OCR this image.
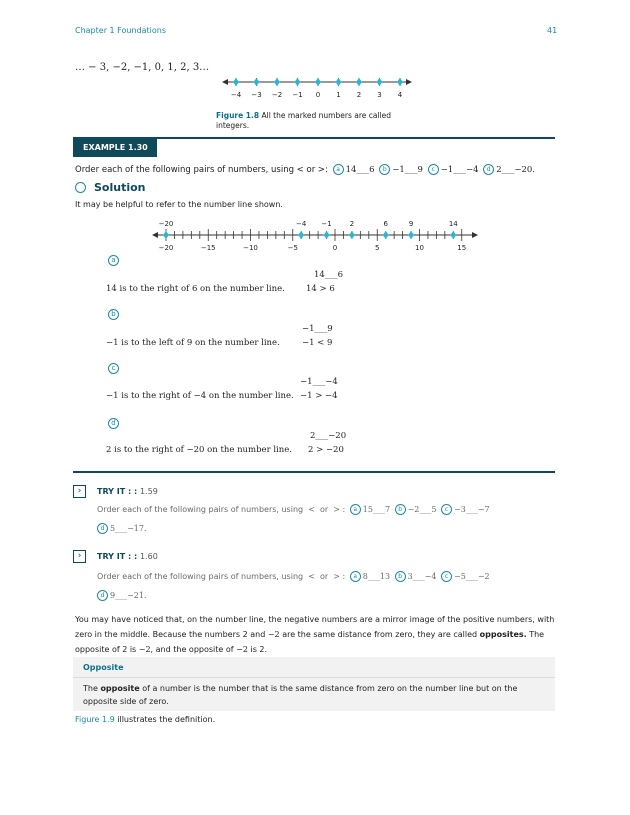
Chapter 1 Foundations	41
… − 3, −2, −1, 0, 1, 2, 3…
−4 −3 −2 −1 0 1 2 3 4
Figure 1.8 All the marked numbers are called integers.
EXAMPLE 1.30
Order each of the following pairs of numbers, using < or >: a 14___6 b −1___9 c −1___−4 d 2___−20.
Solution
It may be helpful to refer to the number line shown.
−20	−15	−10	−5	0	5	10	15
−20	−4 −1	2	6	9	14
a
14___6
14 is to the right of 6 on the number line. 14 > 6
b
−1___9
−1 is to the left of 9 on the number line.	−1 < 9
c
−1___−4
−1 is to the right of −4 on the number line. −1 > −4
d
2___−20
2 is to the right of −20 on the number line. 2 > −20
›	TRY IT : : 1.59
Order each of the following pairs of numbers, using < or > : a 15___7 b −2___5 c −3___−7
d 5___−17.
›	TRY IT : : 1.60
Order each of the following pairs of numbers, using < or > : a 8___13 b 3___−4 c −5___−2
d 9___−21.
You may have noticed that, on the number line, the negative numbers are a mirror image of the positive numbers, with zero in the middle. Because the numbers 2 and −2 are the same distance from zero, they are called opposites. The opposite of 2 is −2, and the opposite of −2 is 2.
Opposite
The opposite of a number is the number that is the same distance from zero on the number line but on the opposite side of zero.
Figure 1.9 illustrates the definition.
